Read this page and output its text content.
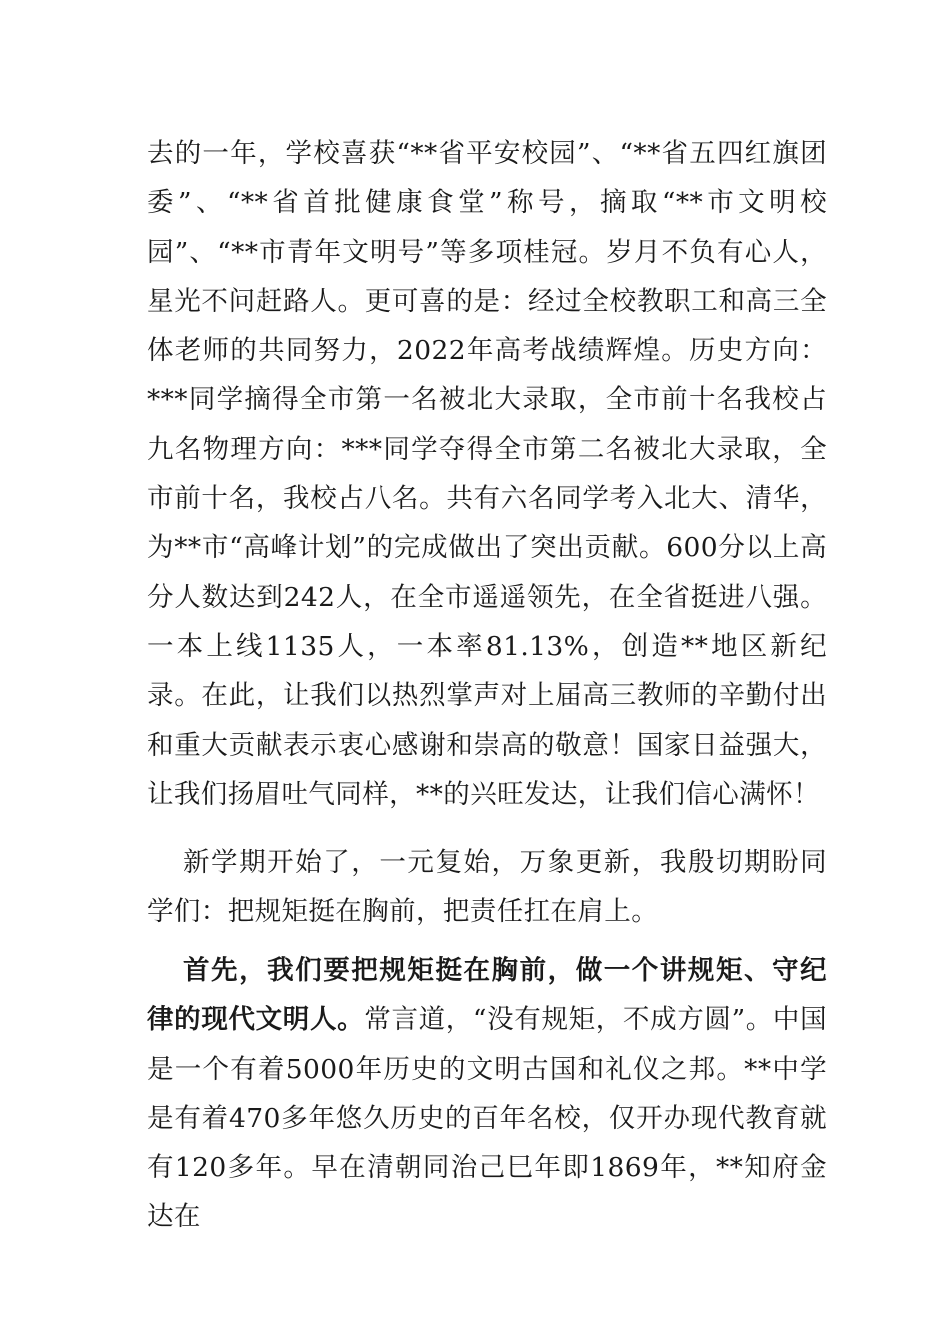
去的一年，学校喜获“**省平安校园”、“**省五四红旗团委”、“**省首批健康食堂”称号，摘取“**市文明校园”、“**市青年文明号”等多项桂冠。岁月不负有心人，星光不问赶路人。更可喜的是：经过全校教职工和高三全体老师的共同努力，2022年高考战绩辉煌。历史方向：***同学摘得全市第一名被北大录取，全市前十名我校占九名物理方向：***同学夺得全市第二名被北大录取，全市前十名，我校占八名。共有六名同学考入北大、清华，为**市“高峰计划”的完成做出了突出贡献。600分以上高分人数达到242人，在全市遥遥领先，在全省挺进八强。一本上线1135人，一本率81.13%，创造**地区新纪录。在此，让我们以热烈掌声对上届高三教师的辛勤付出和重大贡献表示衷心感谢和崇高的敬意！国家日益强大，让我们扬眉吐气同样，**的兴旺发达，让我们信心满怀！

新学期开始了，一元复始，万象更新，我殷切期盼同学们：把规矩挺在胸前，把责任扛在肩上。

首先，我们要把规矩挺在胸前，做一个讲规矩、守纪律的现代文明人。常言道，“没有规矩，不成方圆”。中国是一个有着5000年历史的文明古国和礼仪之邦。**中学是有着470多年悠久历史的百年名校，仅开办现代教育就有120多年。早在清朝同治己巳年即1869年，**知府金达在
